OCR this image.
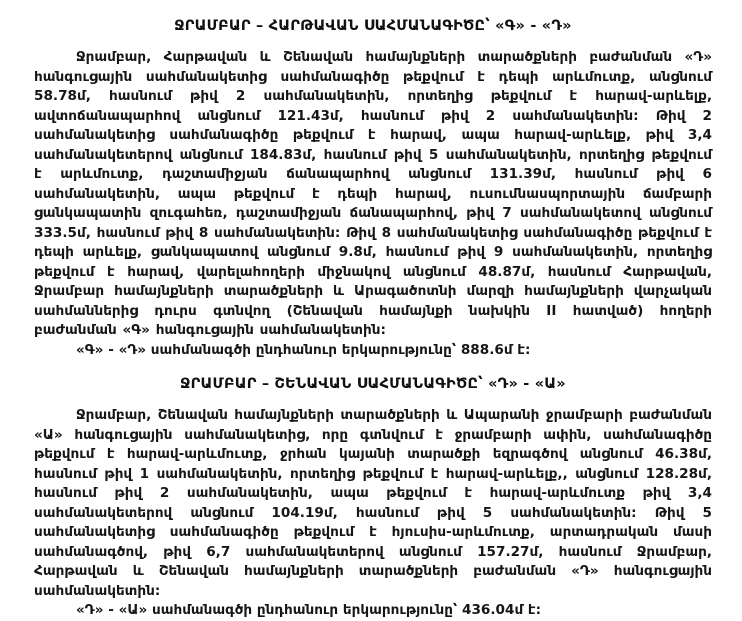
ՋՐԱՄԲԱՐ – ՀԱՐԹԱՎԱՆ ՍԱՀՄԱՆԱԳԻԾԸ՝ «Գ» - «Դ»

Ջրամբար, Հարթավան և Շենավան համայնքների տարածքների բաժանման «Դ» հանգուցային սահմանակետից սահմանագիծը թեքվում է դեպի արևմուտք, անցնում 58.78մ, հասնում թիվ 2 սահմանակետին, որտեղից թեքվում է հարավ-արևելք, ավտոճանապարհով անցնում 121.43մ, հասնում թիվ 2 սահմանակետին: Թիվ 2 սահմանակետից սահմանագիծը թեքվում է հարավ, ապա հարավ-արևելք, թիվ 3,4 սահմանակետերով անցնում 184.83մ, հասնում թիվ 5 սահմանակետին, որտեղից թեքվում է արևմուտք, դաշտամիջյան ճանապարհով անցնում 131.39մ, հասնում թիվ 6 սահմանակետին, ապա թեքվում է դեպի հարավ, ուսումնասպորտային ճամբարի ցանկապատին զուգահեռ, դաշտամիջյան ճանապարհով, թիվ 7 սահմանակետով անցնում 333.5մ, հասնում թիվ 8 սահմանակետին: Թիվ 8 սահմանակետից սահմանագիծը թեքվում է դեպի արևելք, ցանկապատով անցնում 9.8մ, հասնում թիվ 9 սահմանակետին, որտեղից թեքվում է հարավ, վարելահողերի միջնակով անցնում 48.87մ, հասնում Հարթավան, Ջրամբար համայնքների տարածքների և Արագածոտնի մարզի համայնքների վարչական սահմաններից դուրս գտնվող (Շենավան համայնքի նախկին II հատված) հողերի բաժանման «Գ» հանգուցային սահմանակետին:

«Գ» - «Դ» սահմանագծի ընդհանուր երկարությունը՝ 888.6մ է:

ՋՐԱՄԲԱՐ – ՇԵՆԱՎԱՆ ՍԱՀՄԱՆԱԳԻԾԸ՝ «Դ» - «Ա»

Ջրամբար, Շենավան համայնքների տարածքների և Ապարանի ջրամբարի բաժանման «Ա» հանգուցային սահմանակետից, որը գտնվում է ջրամբարի ափին, սահմանագիծը թեքվում է հարավ-արևմուտք, ջրհան կայանի տարածքի եզրագծով անցնում 46.38մ, հասնում թիվ 1 սահմանակետին, որտեղից թեքվում է հարավ-արևելք,, անցնում 128.28մ, հասնում թիվ 2 սահմանակետին, ապա թեքվում է հարավ-արևմուտք թիվ 3,4 սահմանակետերով անցնում 104.19մ, հասնում թիվ 5 սահմանակետին: Թիվ 5 սահմանակետից սահմանագիծը թեքվում է հյուսիս-արևմուտք, արտադրական մասի սահմանագծով, թիվ 6,7 սահմանակետերով անցնում 157.27մ, հասնում Ջրամբար, Հարթավան և Շենավան համայնքների տարածքների բաժանման «Դ» հանգուցային սահմանակետին:

«Դ» - «Ա» սահմանագծի ընդհանուր երկարությունը՝ 436.04մ է:
